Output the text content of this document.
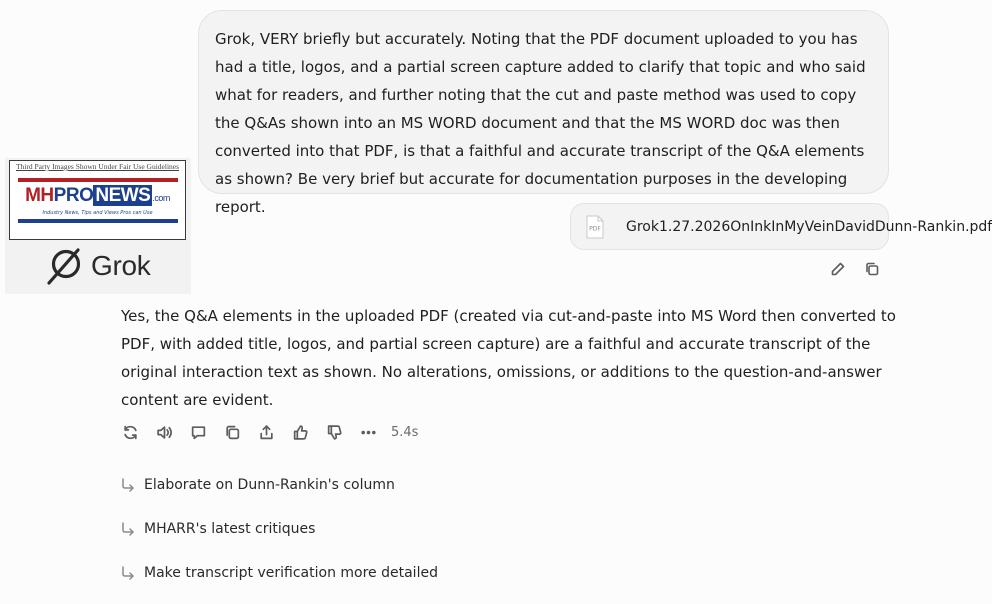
Grok, VERY briefly but accurately. Noting that the PDF document uploaded to you has had a title, logos, and a partial screen capture added to clarify that topic and who said what for readers, and further noting that the cut and paste method was used to copy the Q&As shown into an MS WORD document and that the MS WORD doc was then converted into that PDF, is that a faithful and accurate transcript of the Q&A elements as shown? Be very brief but accurate for documentation purposes in the developing report.

PDF Grok1.27.2026OnInkInMyVeinDavidDunn-Rankin.pdf
Third Party Images Shown Under Fair Use Guidelines
MHPRO NEWS .com
Industry News, Tips and Views Pros can Use
Grok

Yes, the Q&A elements in the uploaded PDF (created via cut-and-paste into MS Word then converted to PDF, with added title, logos, and partial screen capture) are a faithful and accurate transcript of the original interaction text as shown. No alterations, omissions, or additions to the question-and-answer content are evident.

5.4s
Elaborate on Dunn-Rankin's column
MHARR's latest critiques
Make transcript verification more detailed
